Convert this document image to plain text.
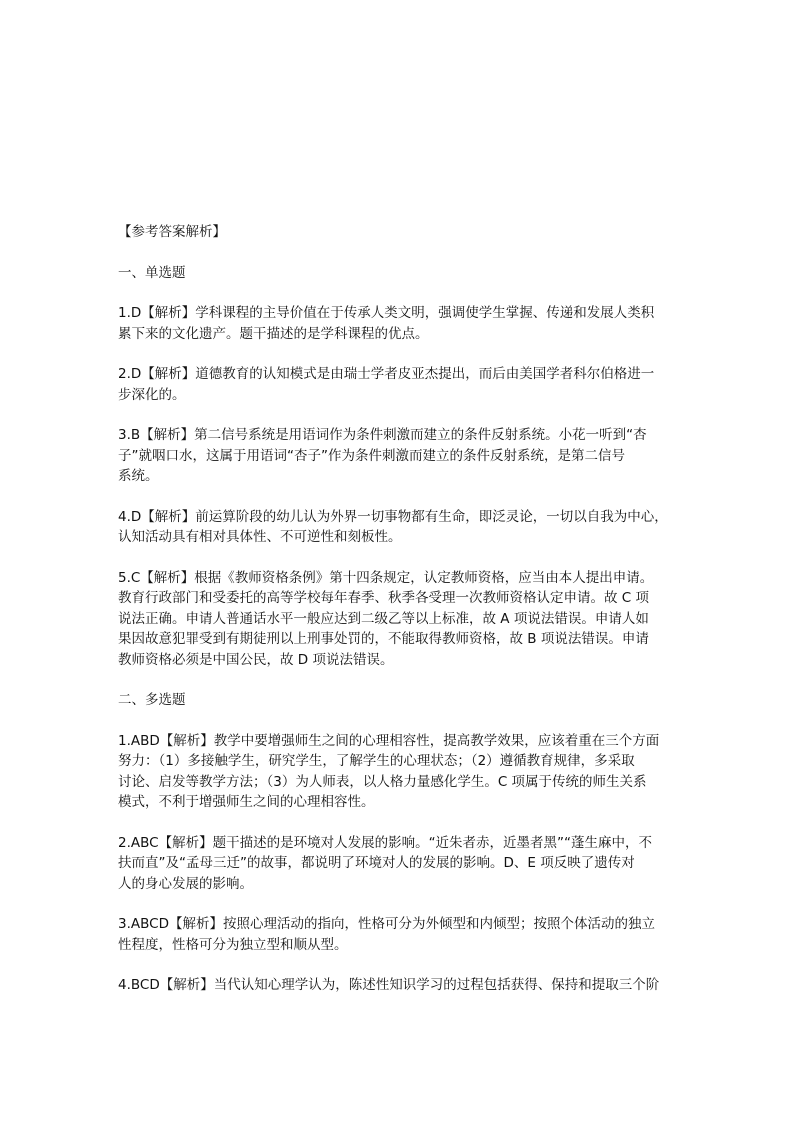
【参考答案解析】

一、单选题

1.D【解析】学科课程的主导价值在于传承人类文明，强调使学生掌握、传递和发展人类积

累下来的文化遗产。题干描述的是学科课程的优点。

2.D【解析】道德教育的认知模式是由瑞士学者皮亚杰提出，而后由美国学者科尔伯格进一

步深化的。

3.B【解析】第二信号系统是用语词作为条件刺激而建立的条件反射系统。小花一听到“杏

子”就咽口水，这属于用语词“杏子”作为条件刺激而建立的条件反射系统，是第二信号

系统。

4.D【解析】前运算阶段的幼儿认为外界一切事物都有生命，即泛灵论，一切以自我为中心，

认知活动具有相对具体性、不可逆性和刻板性。

5.C【解析】根据《教师资格条例》第十四条规定，认定教师资格，应当由本人提出申请。

教育行政部门和受委托的高等学校每年春季、秋季各受理一次教师资格认定申请。故 C 项

说法正确。申请人普通话水平一般应达到二级乙等以上标准，故 A 项说法错误。申请人如

果因故意犯罪受到有期徒刑以上刑事处罚的，不能取得教师资格，故 B 项说法错误。申请

教师资格必须是中国公民，故 D 项说法错误。

二、多选题

1.ABD【解析】教学中要增强师生之间的心理相容性，提高教学效果，应该着重在三个方面

努力：（1）多接触学生，研究学生，了解学生的心理状态；（2）遵循教育规律，多采取

讨论、启发等教学方法；（3）为人师表，以人格力量感化学生。C 项属于传统的师生关系

模式，不利于增强师生之间的心理相容性。

2.ABC【解析】题干描述的是环境对人发展的影响。“近朱者赤，近墨者黑”“蓬生麻中，不

扶而直”及“孟母三迁”的故事，都说明了环境对人的发展的影响。D、E 项反映了遗传对

人的身心发展的影响。

3.ABCD【解析】按照心理活动的指向，性格可分为外倾型和内倾型；按照个体活动的独立

性程度，性格可分为独立型和顺从型。

4.BCD【解析】当代认知心理学认为，陈述性知识学习的过程包括获得、保持和提取三个阶
